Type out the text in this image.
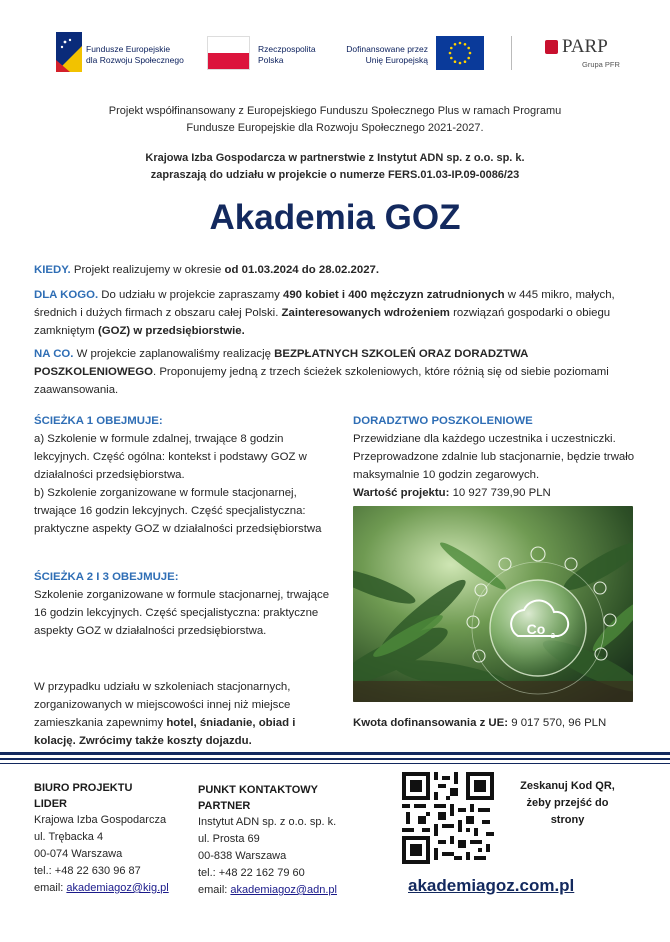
Fundusze Europejskie
dla Rozwoju Społecznego
Rzeczpospolita
Polska
Dofinansowane przez
Unię Europejską
PARP
Grupa PFR
Projekt współfinansowany z Europejskiego Funduszu Społecznego Plus w ramach Programu
Fundusze Europejskie dla Rozwoju Społecznego 2021-2027.
Krajowa Izba Gospodarcza w partnerstwie z Instytut ADN sp. z o.o. sp. k.
zapraszają do udziału w projekcie o numerze FERS.01.03-IP.09-0086/23
Akademia GOZ
KIEDY. Projekt realizujemy w okresie od 01.03.2024 do 28.02.2027.
DLA KOGO. Do udziału w projekcie zapraszamy 490 kobiet i 400 mężczyzn zatrudnionych w 445 mikro, małych, średnich i dużych firmach z obszaru całej Polski. Zainteresowanych wdrożeniem rozwiązań gospodarki o obiegu zamkniętym (GOZ) w przedsiębiorstwie.
NA CO. W projekcie zaplanowaliśmy realizację BEZPŁATNYCH SZKOLEŃ ORAZ DORADZTWA POSZKOLENIOWEGO. Proponujemy jedną z trzech ścieżek szkoleniowych, które różnią się od siebie poziomami zaawansowania.
ŚCIEŻKA 1 OBEJMUJE:
a) Szkolenie w formule zdalnej, trwające 8 godzin lekcyjnych. Część ogólna: kontekst i podstawy GOZ w działalności przedsiębiorstwa.
b) Szkolenie zorganizowane w formule stacjonarnej, trwające 16 godzin lekcyjnych. Część specjalistyczna: praktyczne aspekty GOZ w działalności przedsiębiorstwa
ŚCIEŻKA 2 I 3 OBEJMUJE:
Szkolenie zorganizowane w formule stacjonarnej, trwające 16 godzin lekcyjnych. Część specjalistyczna: praktyczne aspekty GOZ w działalności przedsiębiorstwa.
W przypadku udziału w szkoleniach stacjonarnych, zorganizowanych w miejscowości innej niż miejsce zamieszkania zapewnimy hotel, śniadanie, obiad i kolację. Zwrócimy także koszty dojazdu.
DORADZTWO POSZKOLENIOWE
Przewidziane dla każdego uczestnika i uczestniczki. Przeprowadzone zdalnie lub stacjonarnie, będzie trwało maksymalnie 10 godzin zegarowych.
Wartość projektu: 10 927 739,90 PLN
Co 2
Kwota dofinansowania z UE: 9 017 570, 96 PLN
BIURO PROJEKTU
LIDER
Krajowa Izba Gospodarcza
ul. Trębacka 4
00-074 Warszawa
tel.: +48 22 630 96 87
email: akademiagoz@kig.pl
PUNKT KONTAKTOWY
PARTNER
Instytut ADN sp. z o.o. sp. k.
ul. Prosta 69
00-838 Warszawa
tel.: +48 22 162 79 60
email: akademiagoz@adn.pl
Zeskanuj Kod QR,
żeby przejść do
strony
akademiagoz.com.pl
